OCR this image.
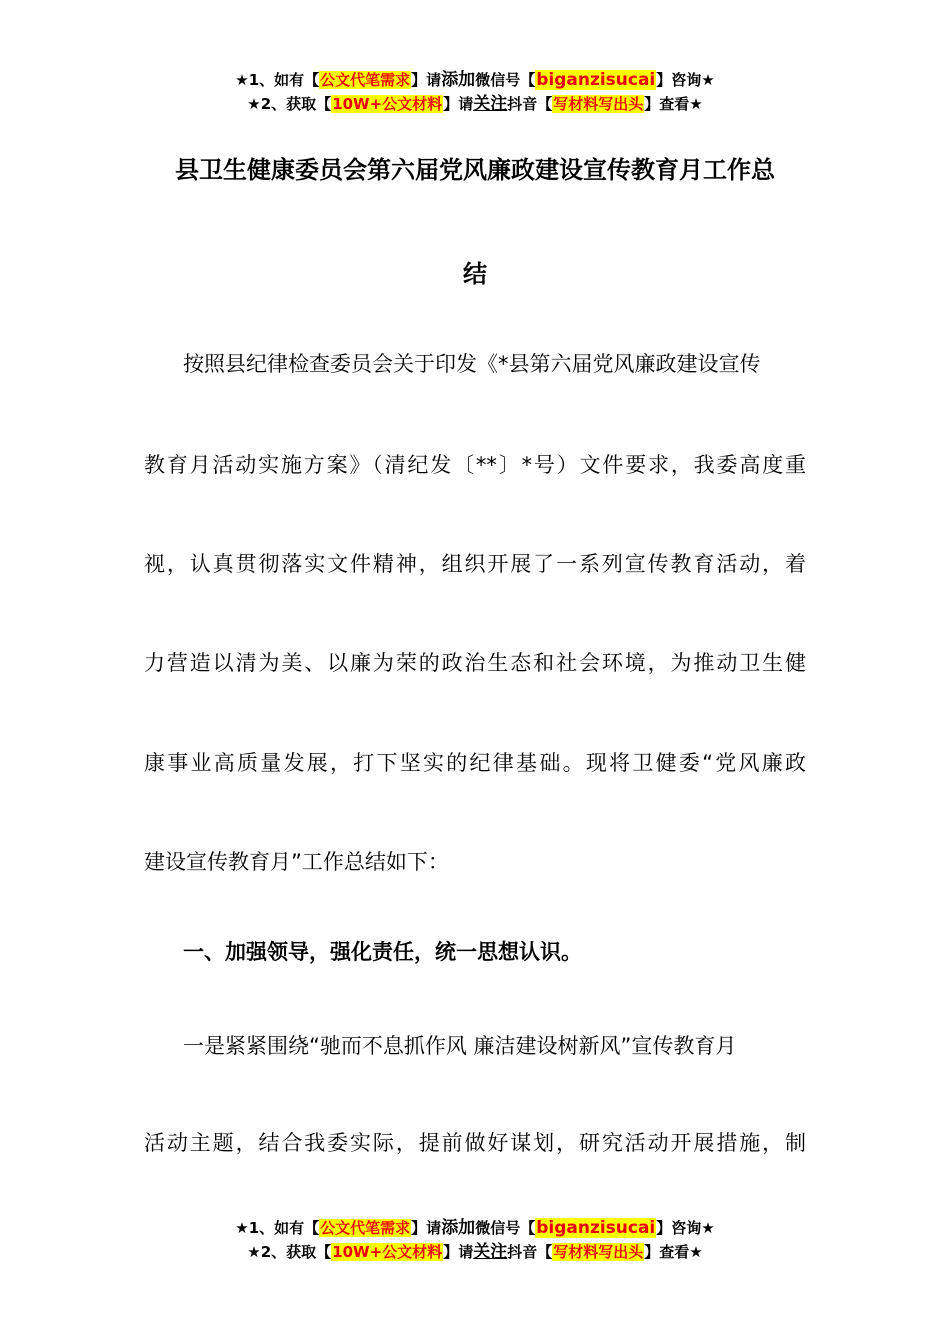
★1、如有【公文代笔需求】请添加微信号【biganzisucai】咨询★
★2、获取【10W+公文材料】请关注抖音【写材料写出头】查看★
县卫生健康委员会第六届党风廉政建设宣传教育月工作总
结
按照县纪律检查委员会关于印发《*县第六届党风廉政建设宣传
教育月活动实施方案》（清纪发〔**〕*号）文件要求，我委高度重
视，认真贯彻落实文件精神，组织开展了一系列宣传教育活动，着
力营造以清为美、以廉为荣的政治生态和社会环境，为推动卫生健
康事业高质量发展，打下坚实的纪律基础。现将卫健委“党风廉政
建设宣传教育月”工作总结如下：
一、加强领导，强化责任，统一思想认识。
一是紧紧围绕“驰而不息抓作风 廉洁建设树新风”宣传教育月
活动主题，结合我委实际，提前做好谋划，研究活动开展措施，制
★1、如有【公文代笔需求】请添加微信号【biganzisucai】咨询★
★2、获取【10W+公文材料】请关注抖音【写材料写出头】查看★
